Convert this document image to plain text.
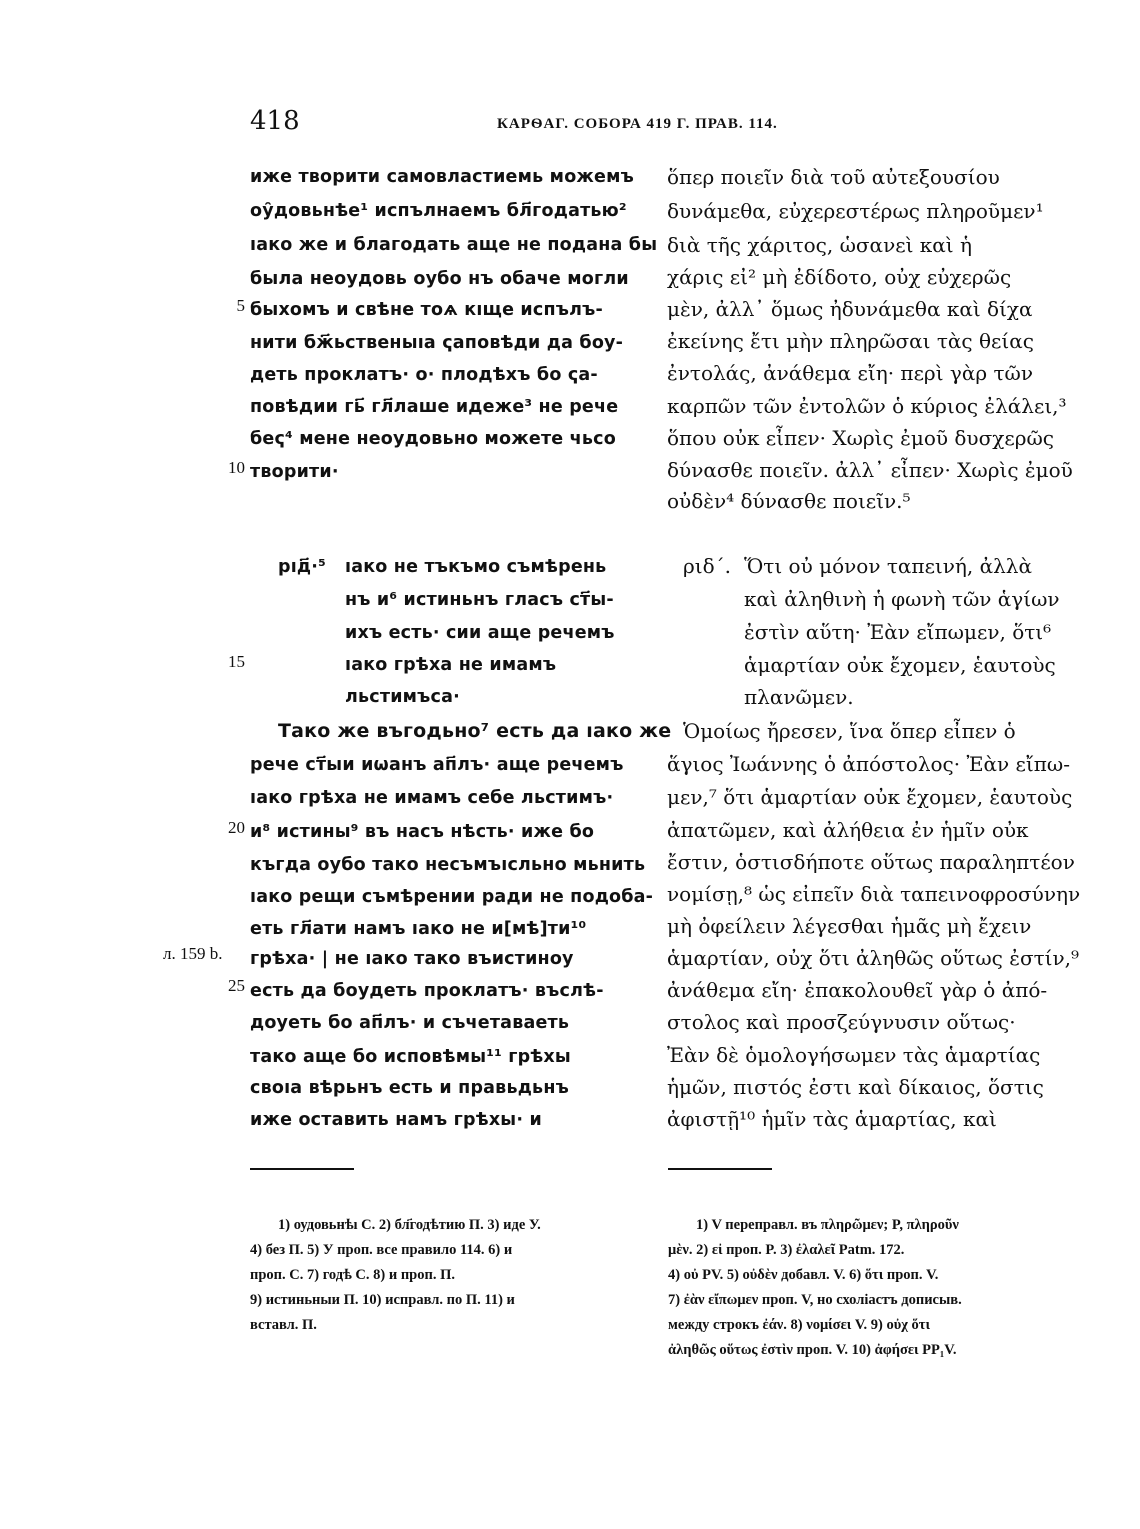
418	КАРѲАГ. СОБОРА 419 Г. ПРАВ. 114.
5
10
15
20
25
л. 159 b.
иже творити самовластиемь можемъ
оу̑довьнѣе¹ испълнаемъ бл҃годатью²
ıако же и благодать аще не подана бы
была неоудовь оубо нъ обаче могли
быхомъ и свѣне тоѧ кıще испълъ-
нити бж҃ьственыıа ҁаповѣди да боу-
деть проклатъ· о· плодѣхъ бо ҁа-
повѣдии гь҃ гл҃лаше идеже³ не рече
беҁ⁴ мене неоудовьно можете чьсо
творити·
рıд҃·⁵ ıако не тъкъмо съмѣрень
нъ и⁶ истиньнъ гласъ ст҃ы-
ихъ есть· сии аще речемъ
ıако грѣха не имамъ
льстимъса·
Тако же въгодьно⁷ есть да ıако же
рече ст҃ыи иѡанъ ап҃лъ· аще речемъ
ıако грѣха не имамъ себе льстимъ·
и⁸ истины⁹ въ насъ нѣсть· иже бо
къгда оубо тако несъмъıсльно мьнить
ıако рещи съмѣрении ради не подоба-
еть гл҃ати намъ ıако не и[мѣ]ти¹⁰
грѣха· | не ıако тако въистиноу
есть да боудеть проклатъ· въслѣ-
доуеть бо ап҃лъ· и съчетаваеть
тако аще бо исповѣмы¹¹ грѣхы
своıа вѣрьнъ есть и правьдьнъ
иже оставить намъ грѣхы· и
ὅπερ ποιεῖν διὰ τοῦ αὐτεξουσίου
δυνάμεθα, εὐχερεστέρως πληροῦμεν¹
διὰ τῆς χάριτος, ὡσανεὶ καὶ ἡ
χάρις εἰ² μὴ ἐδίδοτο, οὐχ εὐχερῶς
μὲν, ἀλλ᾽ ὅμως ἠδυνάμεθα καὶ δίχα
ἐκείνης ἔτι μὴν πληρῶσαι τὰς θείας
ἐντολάς, ἀνάθεμα εἴη· περὶ γὰρ τῶν
καρπῶν τῶν ἐντολῶν ὁ κύριος ἐλάλει,³
ὅπου οὐκ εἶπεν· Χωρὶς ἐμοῦ δυσχερῶς
δύνασθε ποιεῖν. ἀλλ᾽ εἶπεν· Χωρὶς ἐμοῦ
οὐδὲν⁴ δύνασθε ποιεῖν.⁵
ριδ΄. Ὅτι οὐ μόνον ταπεινή, ἀλλὰ
καὶ ἀληθινὴ ἡ φωνὴ τῶν ἁγίων
ἐστὶν αὕτη· Ἐὰν εἴπωμεν, ὅτι⁶
ἁμαρτίαν οὐκ ἔχομεν, ἑαυτοὺς
πλανῶμεν.
Ὁμοίως ἤρεσεν, ἵνα ὅπερ εἶπεν ὁ
ἅγιος Ἰωάννης ὁ ἀπόστολος· Ἐὰν εἴπω-
μεν,⁷ ὅτι ἁμαρτίαν οὐκ ἔχομεν, ἑαυτοὺς
ἀπατῶμεν, καὶ ἀλήθεια ἐν ἡμῖν οὐκ
ἔστιν, ὁστισδήποτε οὕτως παραληπτέον
νομίσῃ,⁸ ὡς εἰπεῖν διὰ ταπεινοφροσύνην
μὴ ὀφείλειν λέγεσθαι ἡμᾶς μὴ ἔχειν
ἁμαρτίαν, οὐχ ὅτι ἀληθῶς οὕτως ἐστίν,⁹
ἀνάθεμα εἴη· ἐπακολουθεῖ γὰρ ὁ ἀπό-
στολος καὶ προσζεύγνυσιν οὕτως·
Ἐὰν δὲ ὁμολογήσωμεν τὰς ἁμαρτίας
ἡμῶν, πιστός ἐστι καὶ δίκαιος, ὅστις
ἀφιστῇ¹⁰ ἡμῖν τὰς ἁμαρτίας, καὶ
1) оудовьнѣı С. 2) бл҃годѣтию П. 3) иде У.
4) без П. 5) У проп. все правило 114. 6) и
проп. С. 7) годѣ С. 8) и проп. П.
9) истиньныи П. 10) исправл. по П. 11) и
вставл. П.
1) V переправл. въ πληρῶμεν; P, πληροῦν
μὲν. 2) εἰ проп. P. 3) ἐλαλεῖ Patm. 172.
4) οὐ PV. 5) οὐδὲν добавл. V. 6) ὅτι проп. V.
7) ἐὰν εἴπωμεν проп. V, но схоліастъ дописыв.
между строкъ ἐάν. 8) νομίσει V. 9) οὐχ ὅτι
ἀληθῶς οὕτως ἐστὶν проп. V. 10) ἀφήσει PP₁V.
